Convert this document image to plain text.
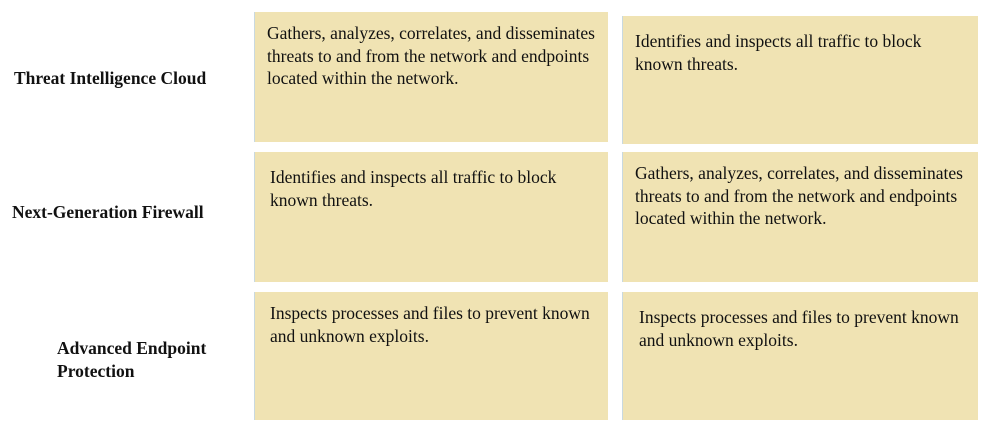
Threat Intelligence Cloud
Next-Generation Firewall
Advanced Endpoint
Protection
Gathers, analyzes, correlates, and disseminates threats to and from the network and endpoints located within the network.
Identifies and inspects all traffic to block known threats.
Identifies and inspects all traffic to block known threats.
Gathers, analyzes, correlates, and disseminates threats to and from the network and endpoints located within the network.
Inspects processes and files to prevent known and unknown exploits.
Inspects processes and files to prevent known and unknown exploits.
